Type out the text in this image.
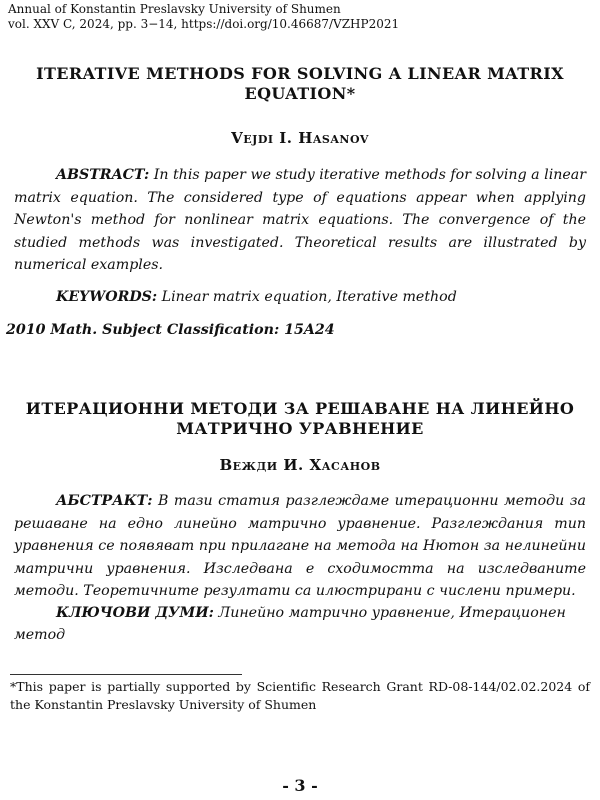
Annual of Konstantin Preslavsky University of Shumen
vol. XXV C, 2024, pp. 3−14, https://doi.org/10.46687/VZHP2021
ITERATIVE METHODS FOR SOLVING A LINEAR MATRIX
EQUATION*
Vejdi I. Hasanov
ABSTRACT: In this paper we study iterative methods for solving a linear matrix equation. The considered type of equations appear when applying Newton's method for nonlinear matrix equations. The convergence of the studied methods was investigated. Theoretical results are illustrated by numerical examples.
KEYWORDS: Linear matrix equation, Iterative method
2010 Math. Subject Classification: 15A24
ИТЕРАЦИОННИ МЕТОДИ ЗА РЕШАВАНЕ НА ЛИНЕЙНО
МАТРИЧНО УРАВНЕНИЕ
Вежди И. Хасанов
АБСТРАКТ: В тази статия разглеждаме итерационни методи за решаване на едно линейно матрично уравнение. Разглеждания тип уравнения се появяват при прилагане на метода на Нютон за нелинейни матрични уравнения. Изследвана е сходимостта на изследваните методи. Теоретичните резултати са илюстрирани с числени примери.
КЛЮЧОВИ ДУМИ: Линейно матрично уравнение, Итерационен метод
*This paper is partially supported by Scientific Research Grant RD-08-144/02.02.2024 of the Konstantin Preslavsky University of Shumen
- 3 -
